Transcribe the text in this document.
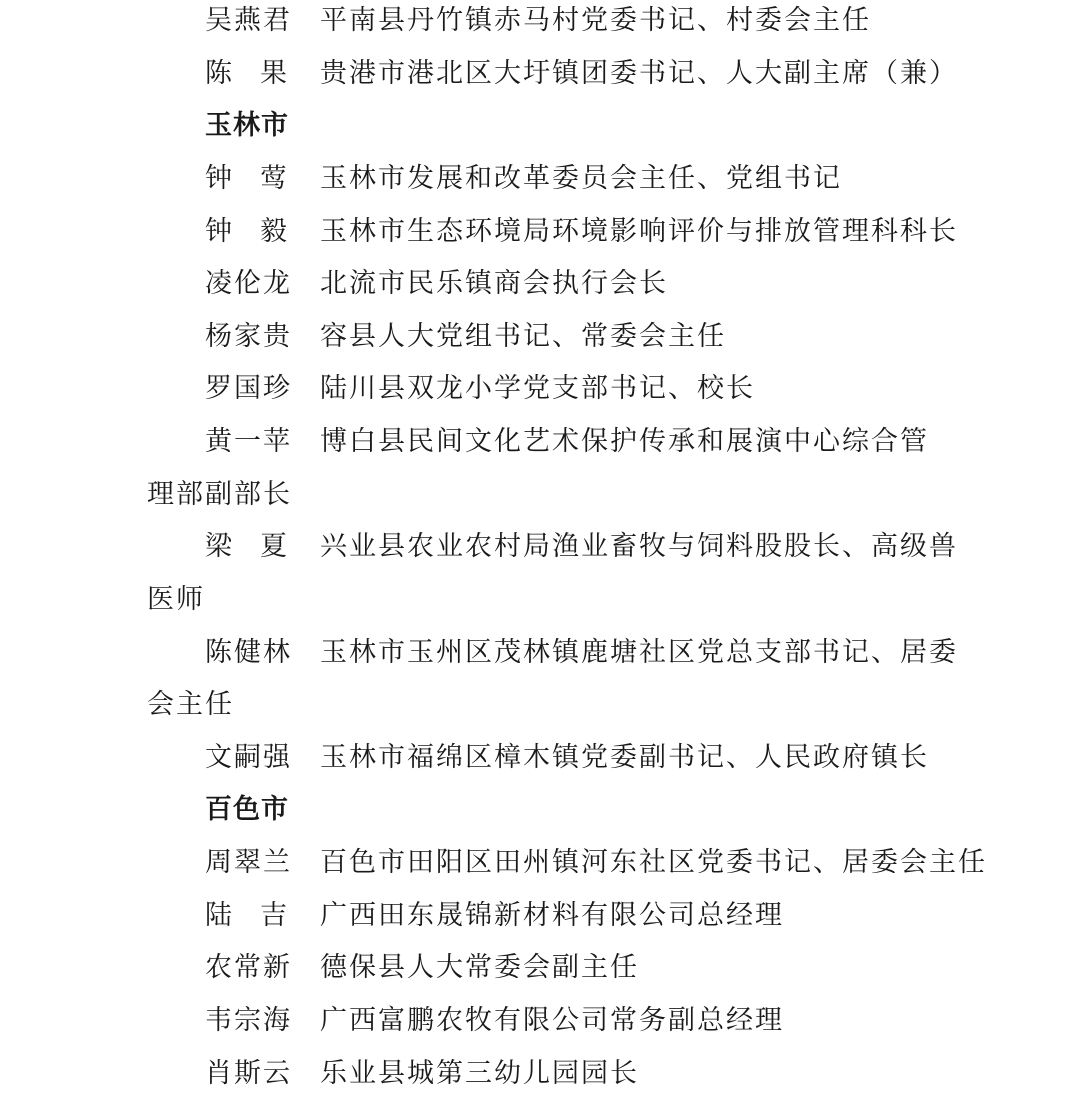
吴 燕 君 平南县丹竹镇赤马村党委书记、村委会主任
陈 果 贵港市港北区大圩镇团委书记、人大副主席（兼）
玉林市
钟 莺 玉林市发展和改革委员会主任、党组书记
钟 毅 玉林市生态环境局环境影响评价与排放管理科科长
凌 伦 龙 北流市民乐镇商会执行会长
杨 家 贵 容县人大党组书记、常委会主任
罗 国 珍 陆川县双龙小学党支部书记、校长
黄 一 苹 博白县民间文化艺术保护传承和展演中心综合管
理部副部长
梁 夏 兴业县农业农村局渔业畜牧与饲料股股长、高级兽
医师
陈 健 林 玉林市玉州区茂林镇鹿塘社区党总支部书记、居委
会主任
文 嗣 强 玉林市福绵区樟木镇党委副书记、人民政府镇长
百色市
周 翠 兰 百色市田阳区田州镇河东社区党委书记、居委会主任
陆 吉 广西田东晟锦新材料有限公司总经理
农 常 新 德保县人大常委会副主任
韦 宗 海 广西富鹏农牧有限公司常务副总经理
肖 斯 云 乐业县城第三幼儿园园长
